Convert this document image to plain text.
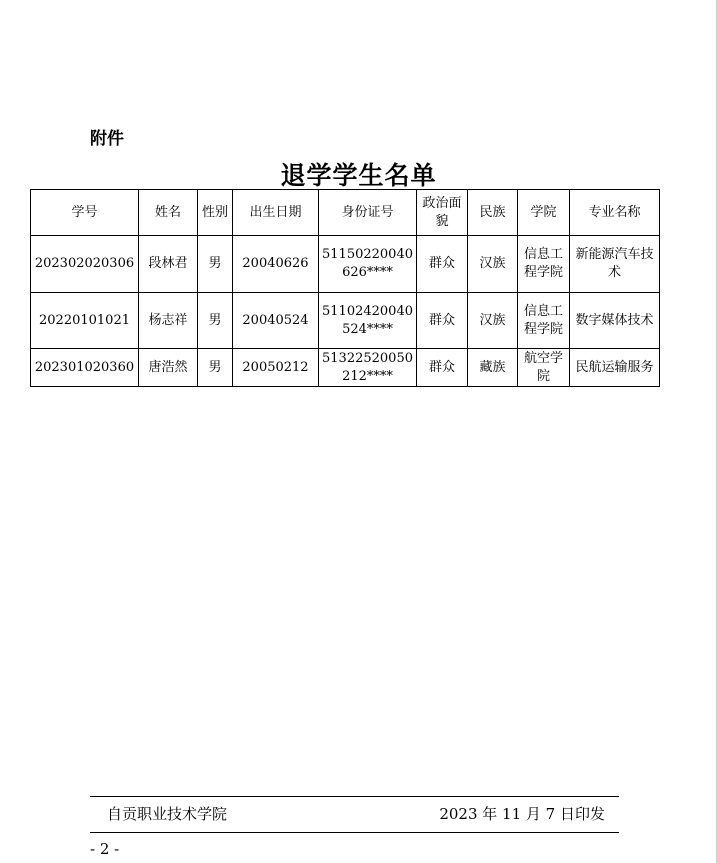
附件
退学学生名单
学号	姓名	性别	出生日期	身份证号	政治面 貌	民族	学院	专业名称
202302020306	段林君	男	20040626	51150220040626****	群众	汉族	信息工程学院	新能源汽车技术
20220101021	杨志祥	男	20040524	51102420040524****	群众	汉族	信息工程学院	数字媒体技术
202301020360	唐浩然	男	20050212	51322520050212****	群众	藏族	航空学院	民航运输服务
自贡职业技术学院	2023 年 11 月 7 日印发
- 2 -
